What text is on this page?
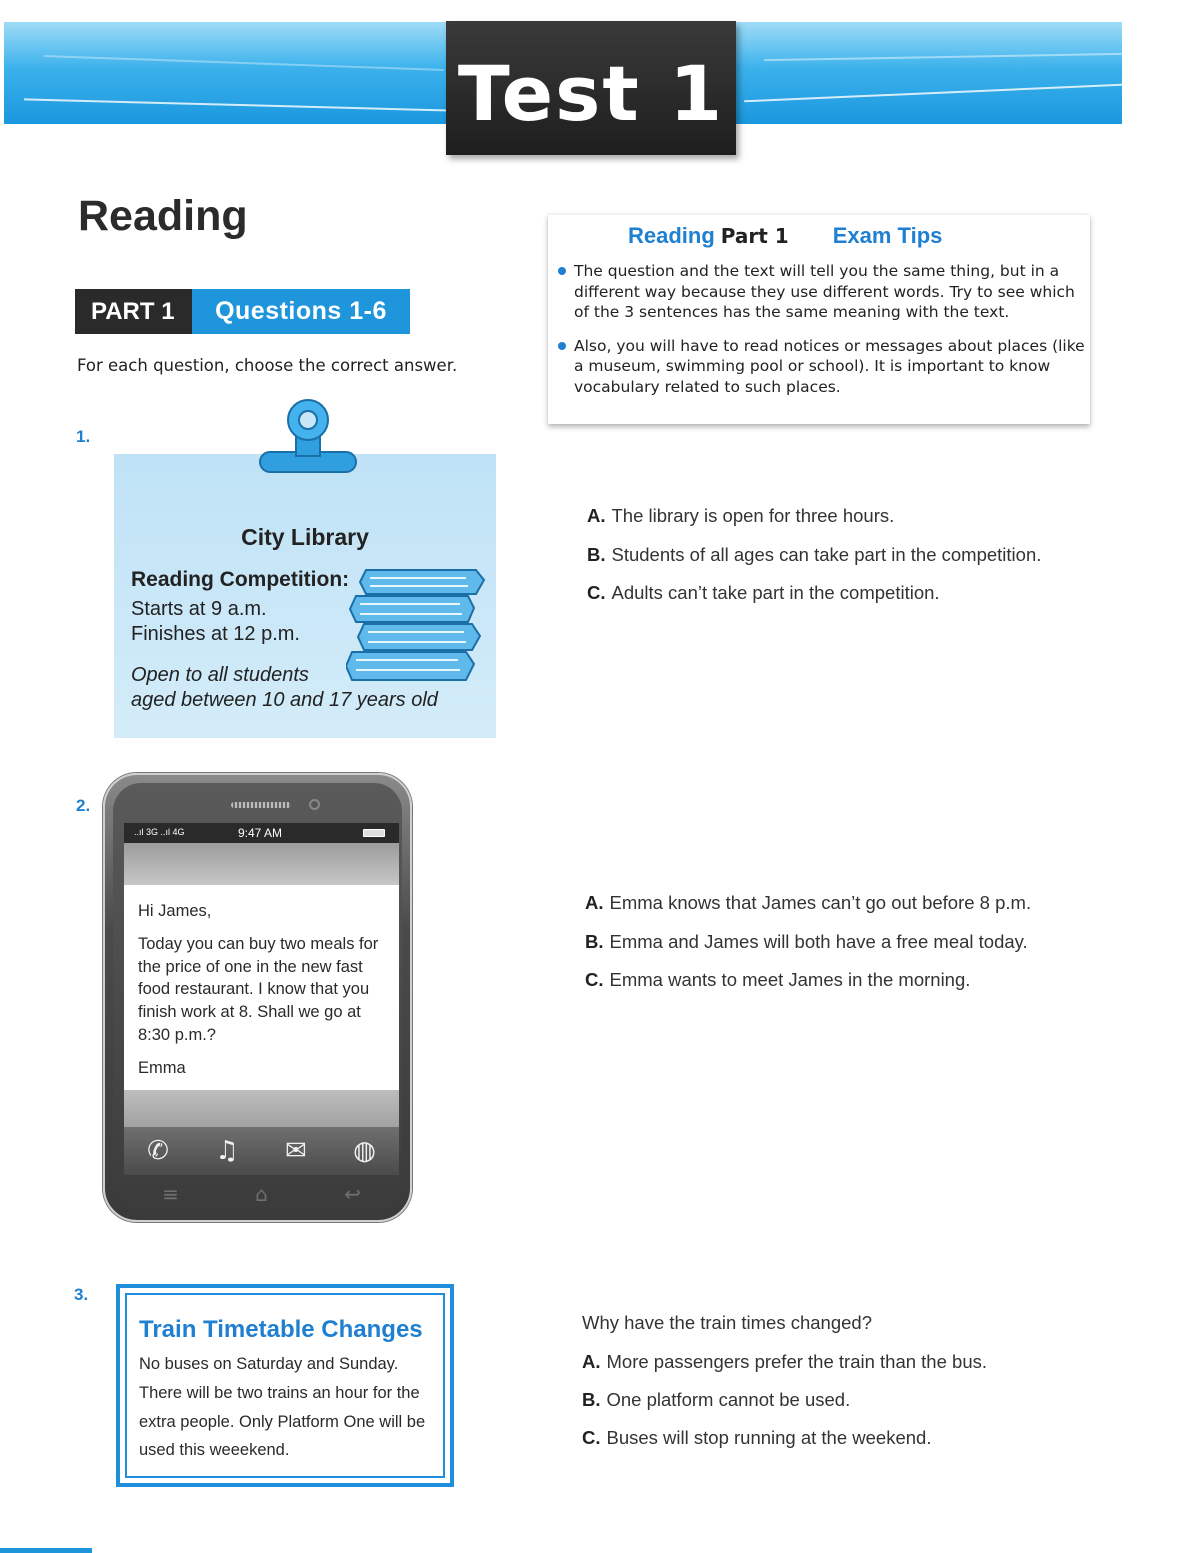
Test 1
Reading
PART 1	Questions 1-6
For each question, choose the correct answer.
Reading Part 1 Exam Tips
The question and the text will tell you the same thing, but in a different way because they use different words. Try to see which of the 3 sentences has the same meaning with the text.
Also, you will have to read notices or messages about places (like a museum, swimming pool or school). It is important to know vocabulary related to such places.
1.
City Library
Reading Competition:
Starts at 9 a.m.
Finishes at 12 p.m.
Open to all students
aged between 10 and 17 years old
A. The library is open for three hours.
B. Students of all ages can take part in the competition.
C. Adults can’t take part in the competition.
2.
..ıl 3G ..ıl 4G	9:47 AM

Hi James,

Today you can buy two meals for the price of one in the new fast food restaurant. I know that you finish work at 8. Shall we go at 8:30 p.m.?

Emma

✆ ♫ ✉ ◍
≡	⌂	↩
A. Emma knows that James can’t go out before 8 p.m.
B. Emma and James will both have a free meal today.
C. Emma wants to meet James in the morning.
3.
Train Timetable Changes
No buses on Saturday and Sunday. There will be two trains an hour for the extra people. Only Platform One will be used this weeekend.
Why have the train times changed?
A. More passengers prefer the train than the bus.
B. One platform cannot be used.
C. Buses will stop running at the weekend.
